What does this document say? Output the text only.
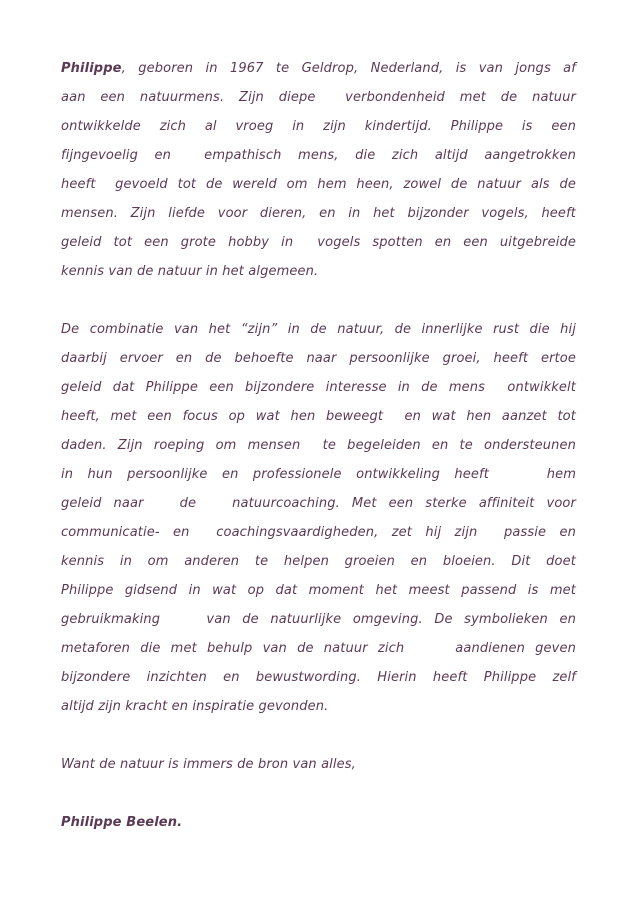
Philippe, geboren in 1967 te Geldrop, Nederland, is van jongs af
aan een natuurmens. Zijn diepe  verbondenheid met de natuur
ontwikkelde zich al vroeg in zijn kindertijd. Philippe is een
fijngevoelig en  empathisch mens, die zich altijd aangetrokken
heeft  gevoeld tot de wereld om hem heen, zowel de natuur als de
mensen. Zijn liefde voor dieren, en in het bijzonder vogels, heeft
geleid tot een grote hobby in  vogels spotten en een uitgebreide
kennis van de natuur in het algemeen.
De combinatie van het “zijn” in de natuur, de innerlijke rust die hij
daarbij ervoer en de behoefte naar persoonlijke groei, heeft ertoe
geleid dat Philippe een bijzondere interesse in de mens  ontwikkelt
heeft, met een focus op wat hen beweegt  en wat hen aanzet tot
daden. Zijn roeping om mensen  te begeleiden en te ondersteunen
in hun persoonlijke en professionele ontwikkeling heeft    hem
geleid naar   de   natuurcoaching. Met een sterke affiniteit voor
communicatie- en  coachingsvaardigheden, zet hij zijn  passie en
kennis in om anderen te helpen groeien en bloeien. Dit doet
Philippe gidsend in wat op dat moment het meest passend is met
gebruikmaking    van de natuurlijke omgeving. De symbolieken en
metaforen die met behulp van de natuur zich     aandienen geven
bijzondere inzichten en bewustwording. Hierin heeft Philippe zelf
altijd zijn kracht en inspiratie gevonden.
Want de natuur is immers de bron van alles,
Philippe Beelen.
